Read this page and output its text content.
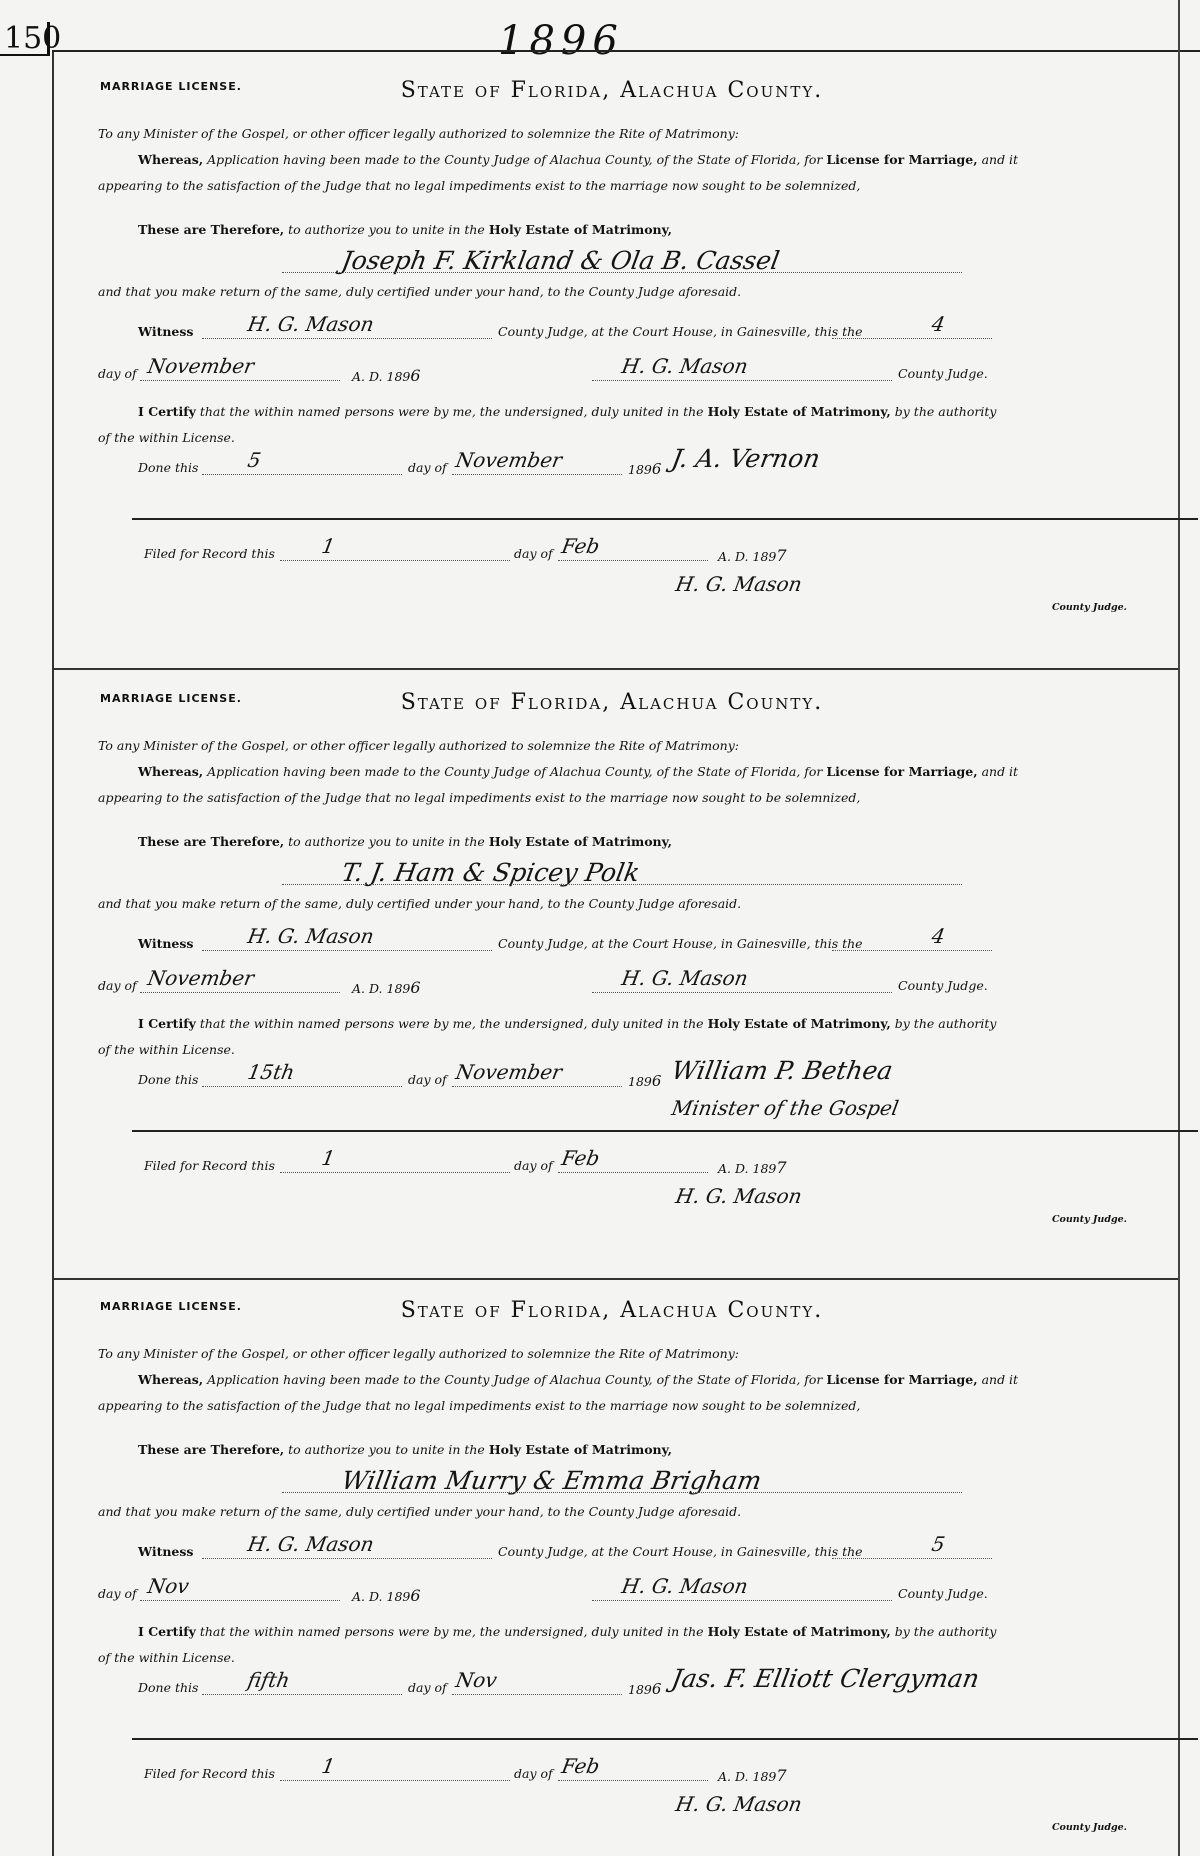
150	1896
MARRIAGE LICENSE.	State of Florida, Alachua County.
To any Minister of the Gospel, or other officer legally authorized to solemnize the Rite of Matrimony:
Whereas, Application having been made to the County Judge of Alachua County, of the State of Florida, for License for Marriage, and it
appearing to the satisfaction of the Judge that no legal impediments exist to the marriage now sought to be solemnized,
These are Therefore, to authorize you to unite in the Holy Estate of Matrimony,
Joseph F. Kirkland & Ola B. Cassel
and that you make return of the same, duly certified under your hand, to the County Judge aforesaid.
Witness	H. G. Mason	County Judge, at the Court House, in Gainesville, this the	4
day of November	A. D. 1896	H. G. Mason	County Judge.
I Certify that the within named persons were by me, the undersigned, duly united in the Holy Estate of Matrimony, by the authority
of the within License.
Done this 5	day of November	1896 J. A. Vernon
Filed for Record this 1	day of Feb	A. D. 1897
H. G. Mason
County Judge.
MARRIAGE LICENSE.	State of Florida, Alachua County.
To any Minister of the Gospel, or other officer legally authorized to solemnize the Rite of Matrimony:
Whereas, Application having been made to the County Judge of Alachua County, of the State of Florida, for License for Marriage, and it
appearing to the satisfaction of the Judge that no legal impediments exist to the marriage now sought to be solemnized,
These are Therefore, to authorize you to unite in the Holy Estate of Matrimony,
T. J. Ham & Spicey Polk
and that you make return of the same, duly certified under your hand, to the County Judge aforesaid.
Witness	H. G. Mason	County Judge, at the Court House, in Gainesville, this the	4
day of November	A. D. 1896	H. G. Mason	County Judge.
I Certify that the within named persons were by me, the undersigned, duly united in the Holy Estate of Matrimony, by the authority
of the within License.
Done this 15th	day of November	1896 William P. Bethea
Minister of the Gospel
Filed for Record this 1	day of Feb	A. D. 1897
H. G. Mason
County Judge.
MARRIAGE LICENSE.	State of Florida, Alachua County.
To any Minister of the Gospel, or other officer legally authorized to solemnize the Rite of Matrimony:
Whereas, Application having been made to the County Judge of Alachua County, of the State of Florida, for License for Marriage, and it
appearing to the satisfaction of the Judge that no legal impediments exist to the marriage now sought to be solemnized,
These are Therefore, to authorize you to unite in the Holy Estate of Matrimony,
William Murry & Emma Brigham
and that you make return of the same, duly certified under your hand, to the County Judge aforesaid.
Witness	H. G. Mason	County Judge, at the Court House, in Gainesville, this the	5
day of Nov	A. D. 1896	H. G. Mason	County Judge.
I Certify that the within named persons were by me, the undersigned, duly united in the Holy Estate of Matrimony, by the authority
of the within License.
Done this fifth	day of Nov	1896 Jas. F. Elliott Clergyman
Filed for Record this 1	day of Feb	A. D. 1897
H. G. Mason
County Judge.
